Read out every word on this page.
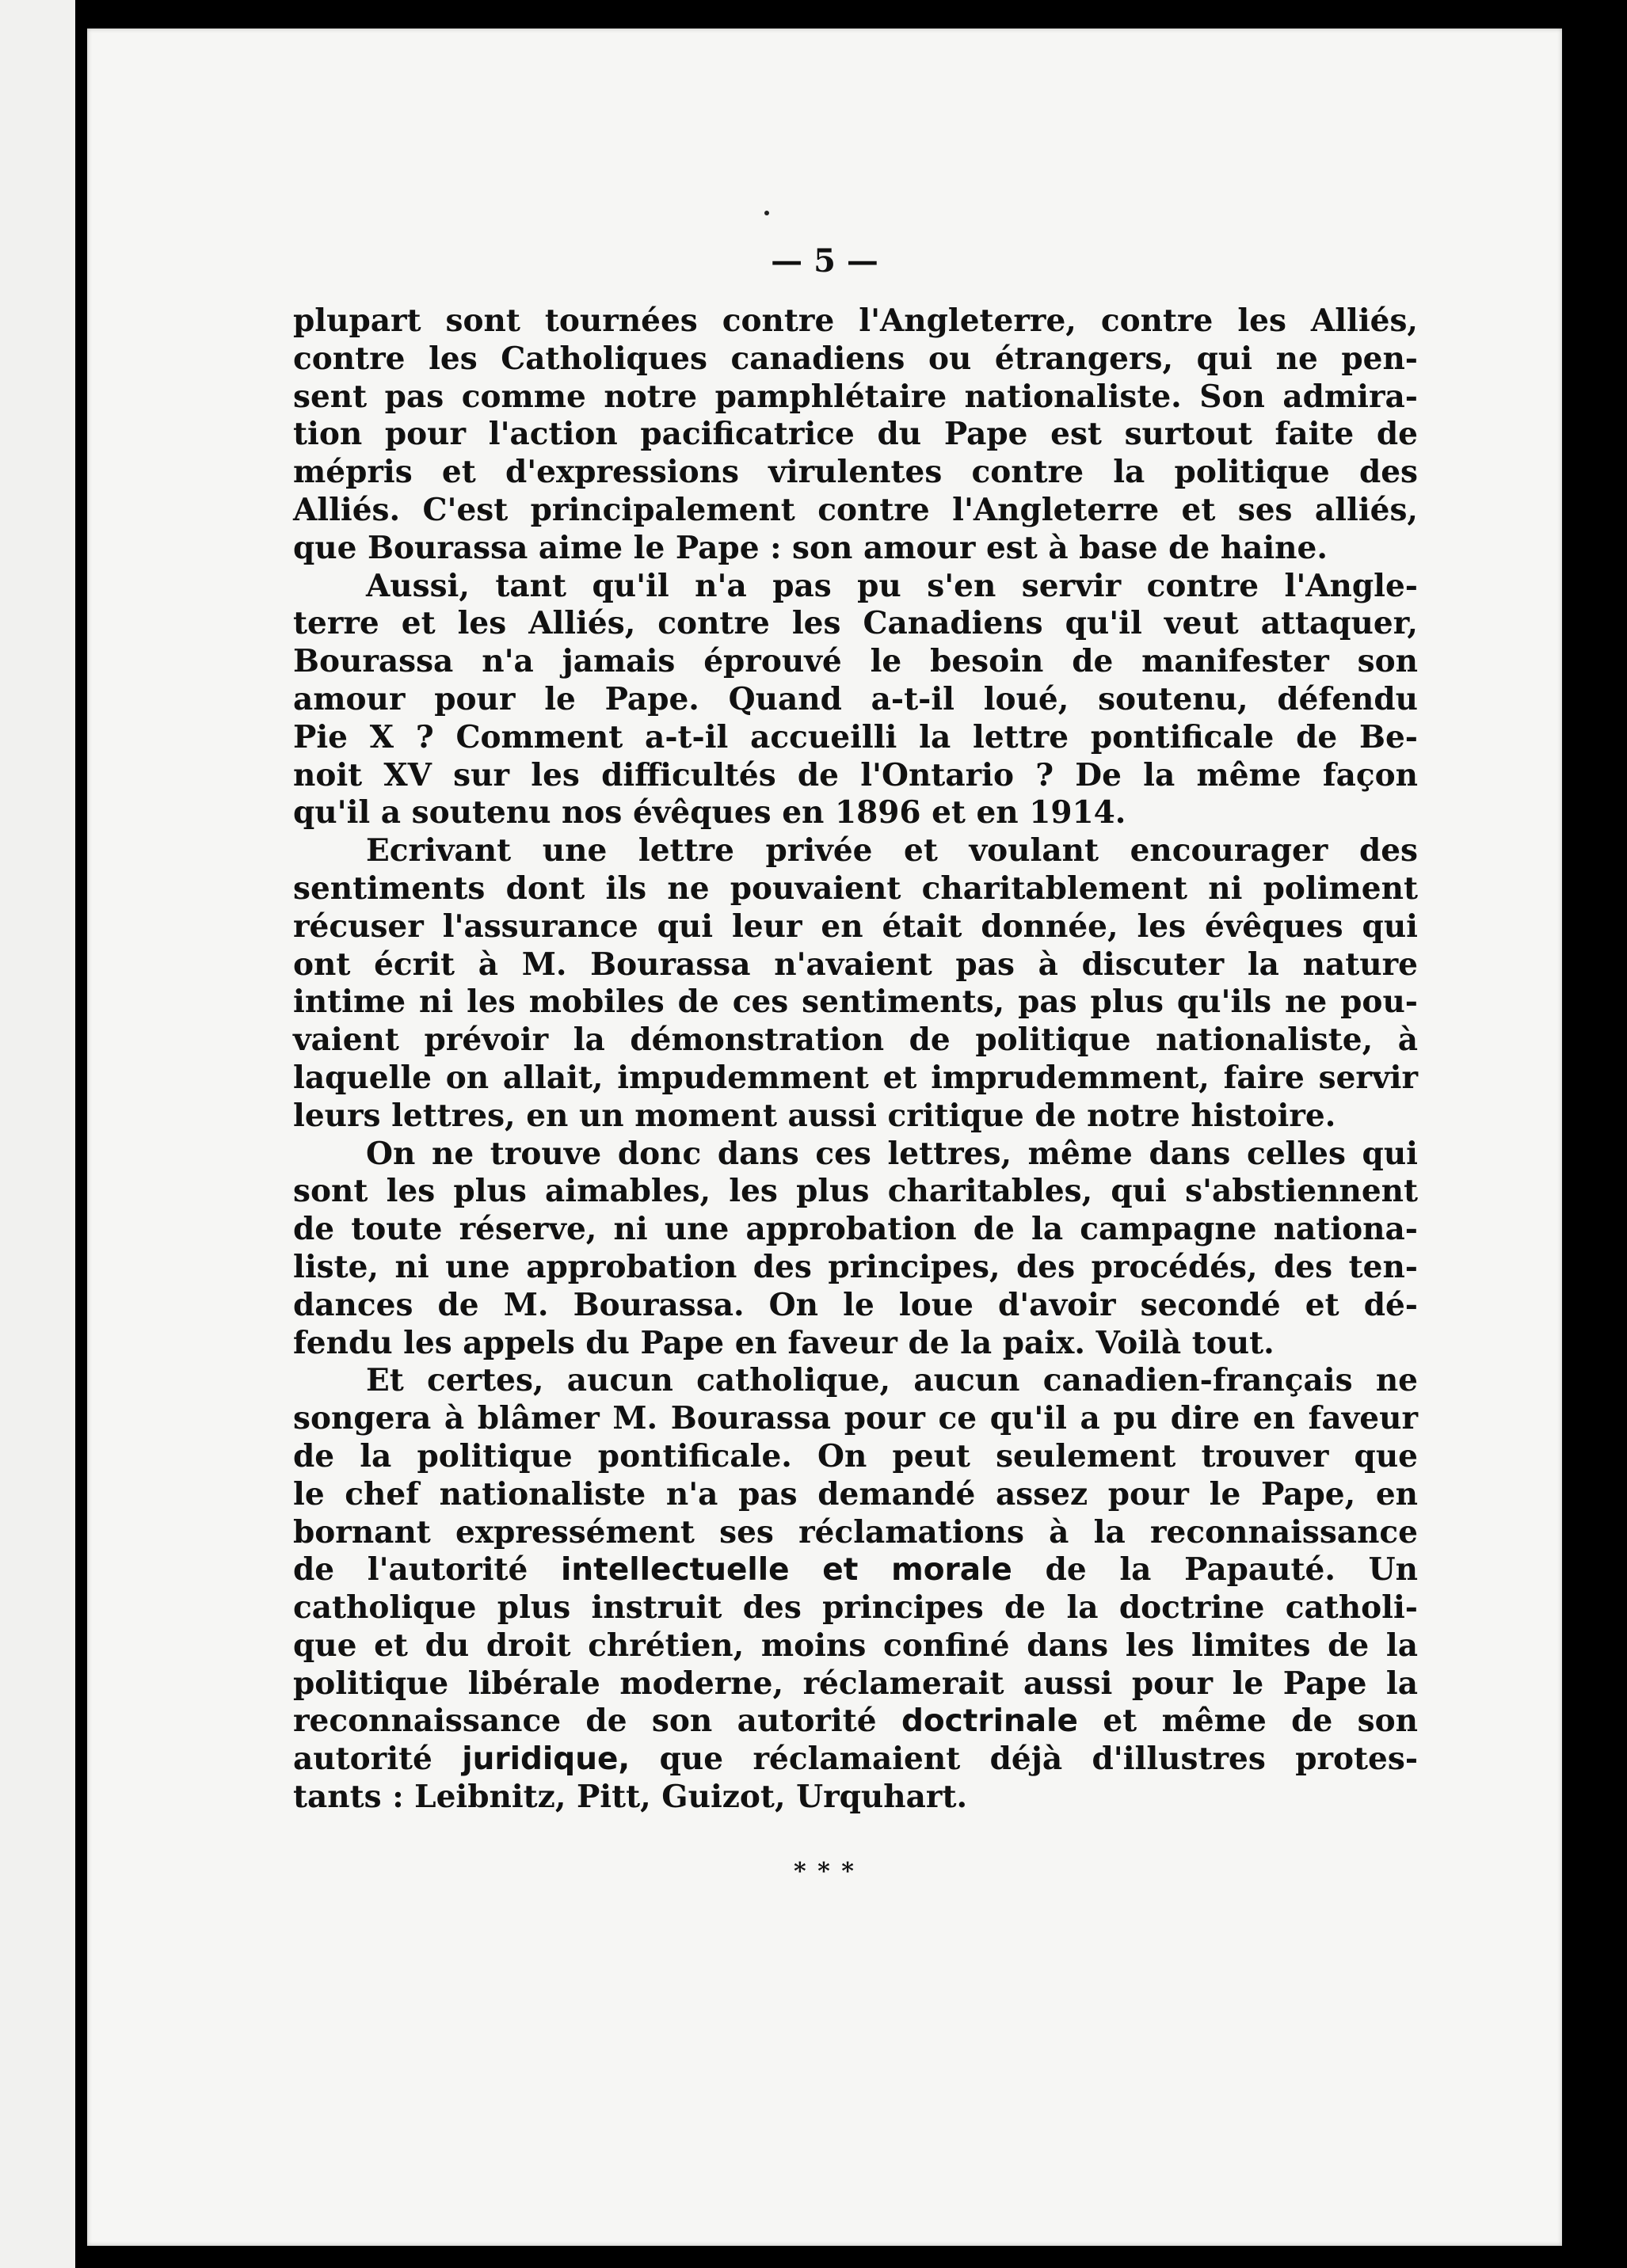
— 5 —
plupart sont tournées contre l'Angleterre, contre les Alliés,
contre les Catholiques canadiens ou étrangers, qui ne pen-
sent pas comme notre pamphlétaire nationaliste. Son admira-
tion pour l'action pacificatrice du Pape est surtout faite de
mépris et d'expressions virulentes contre la politique des
Alliés. C'est principalement contre l'Angleterre et ses alliés,
que Bourassa aime le Pape : son amour est à base de haine.
Aussi, tant qu'il n'a pas pu s'en servir contre l'Angle-
terre et les Alliés, contre les Canadiens qu'il veut attaquer,
Bourassa n'a jamais éprouvé le besoin de manifester son
amour pour le Pape. Quand a-t-il loué, soutenu, défendu
Pie X ? Comment a-t-il accueilli la lettre pontificale de Be-
noit XV sur les difficultés de l'Ontario ? De la même façon
qu'il a soutenu nos évêques en 1896 et en 1914.
Ecrivant une lettre privée et voulant encourager des
sentiments dont ils ne pouvaient charitablement ni poliment
récuser l'assurance qui leur en était donnée, les évêques qui
ont écrit à M. Bourassa n'avaient pas à discuter la nature
intime ni les mobiles de ces sentiments, pas plus qu'ils ne pou-
vaient prévoir la démonstration de politique nationaliste, à
laquelle on allait, impudemment et imprudemment, faire servir
leurs lettres, en un moment aussi critique de notre histoire.
On ne trouve donc dans ces lettres, même dans celles qui
sont les plus aimables, les plus charitables, qui s'abstiennent
de toute réserve, ni une approbation de la campagne nationa-
liste, ni une approbation des principes, des procédés, des ten-
dances de M. Bourassa. On le loue d'avoir secondé et dé-
fendu les appels du Pape en faveur de la paix. Voilà tout.
Et certes, aucun catholique, aucun canadien-français ne
songera à blâmer M. Bourassa pour ce qu'il a pu dire en faveur
de la politique pontificale. On peut seulement trouver que
le chef nationaliste n'a pas demandé assez pour le Pape, en
bornant expressément ses réclamations à la reconnaissance
de l'autorité intellectuelle et morale de la Papauté. Un
catholique plus instruit des principes de la doctrine catholi-
que et du droit chrétien, moins confiné dans les limites de la
politique libérale moderne, réclamerait aussi pour le Pape la
reconnaissance de son autorité doctrinale et même de son
autorité juridique, que réclamaient déjà d'illustres protes-
tants : Leibnitz, Pitt, Guizot, Urquhart.
* * *
